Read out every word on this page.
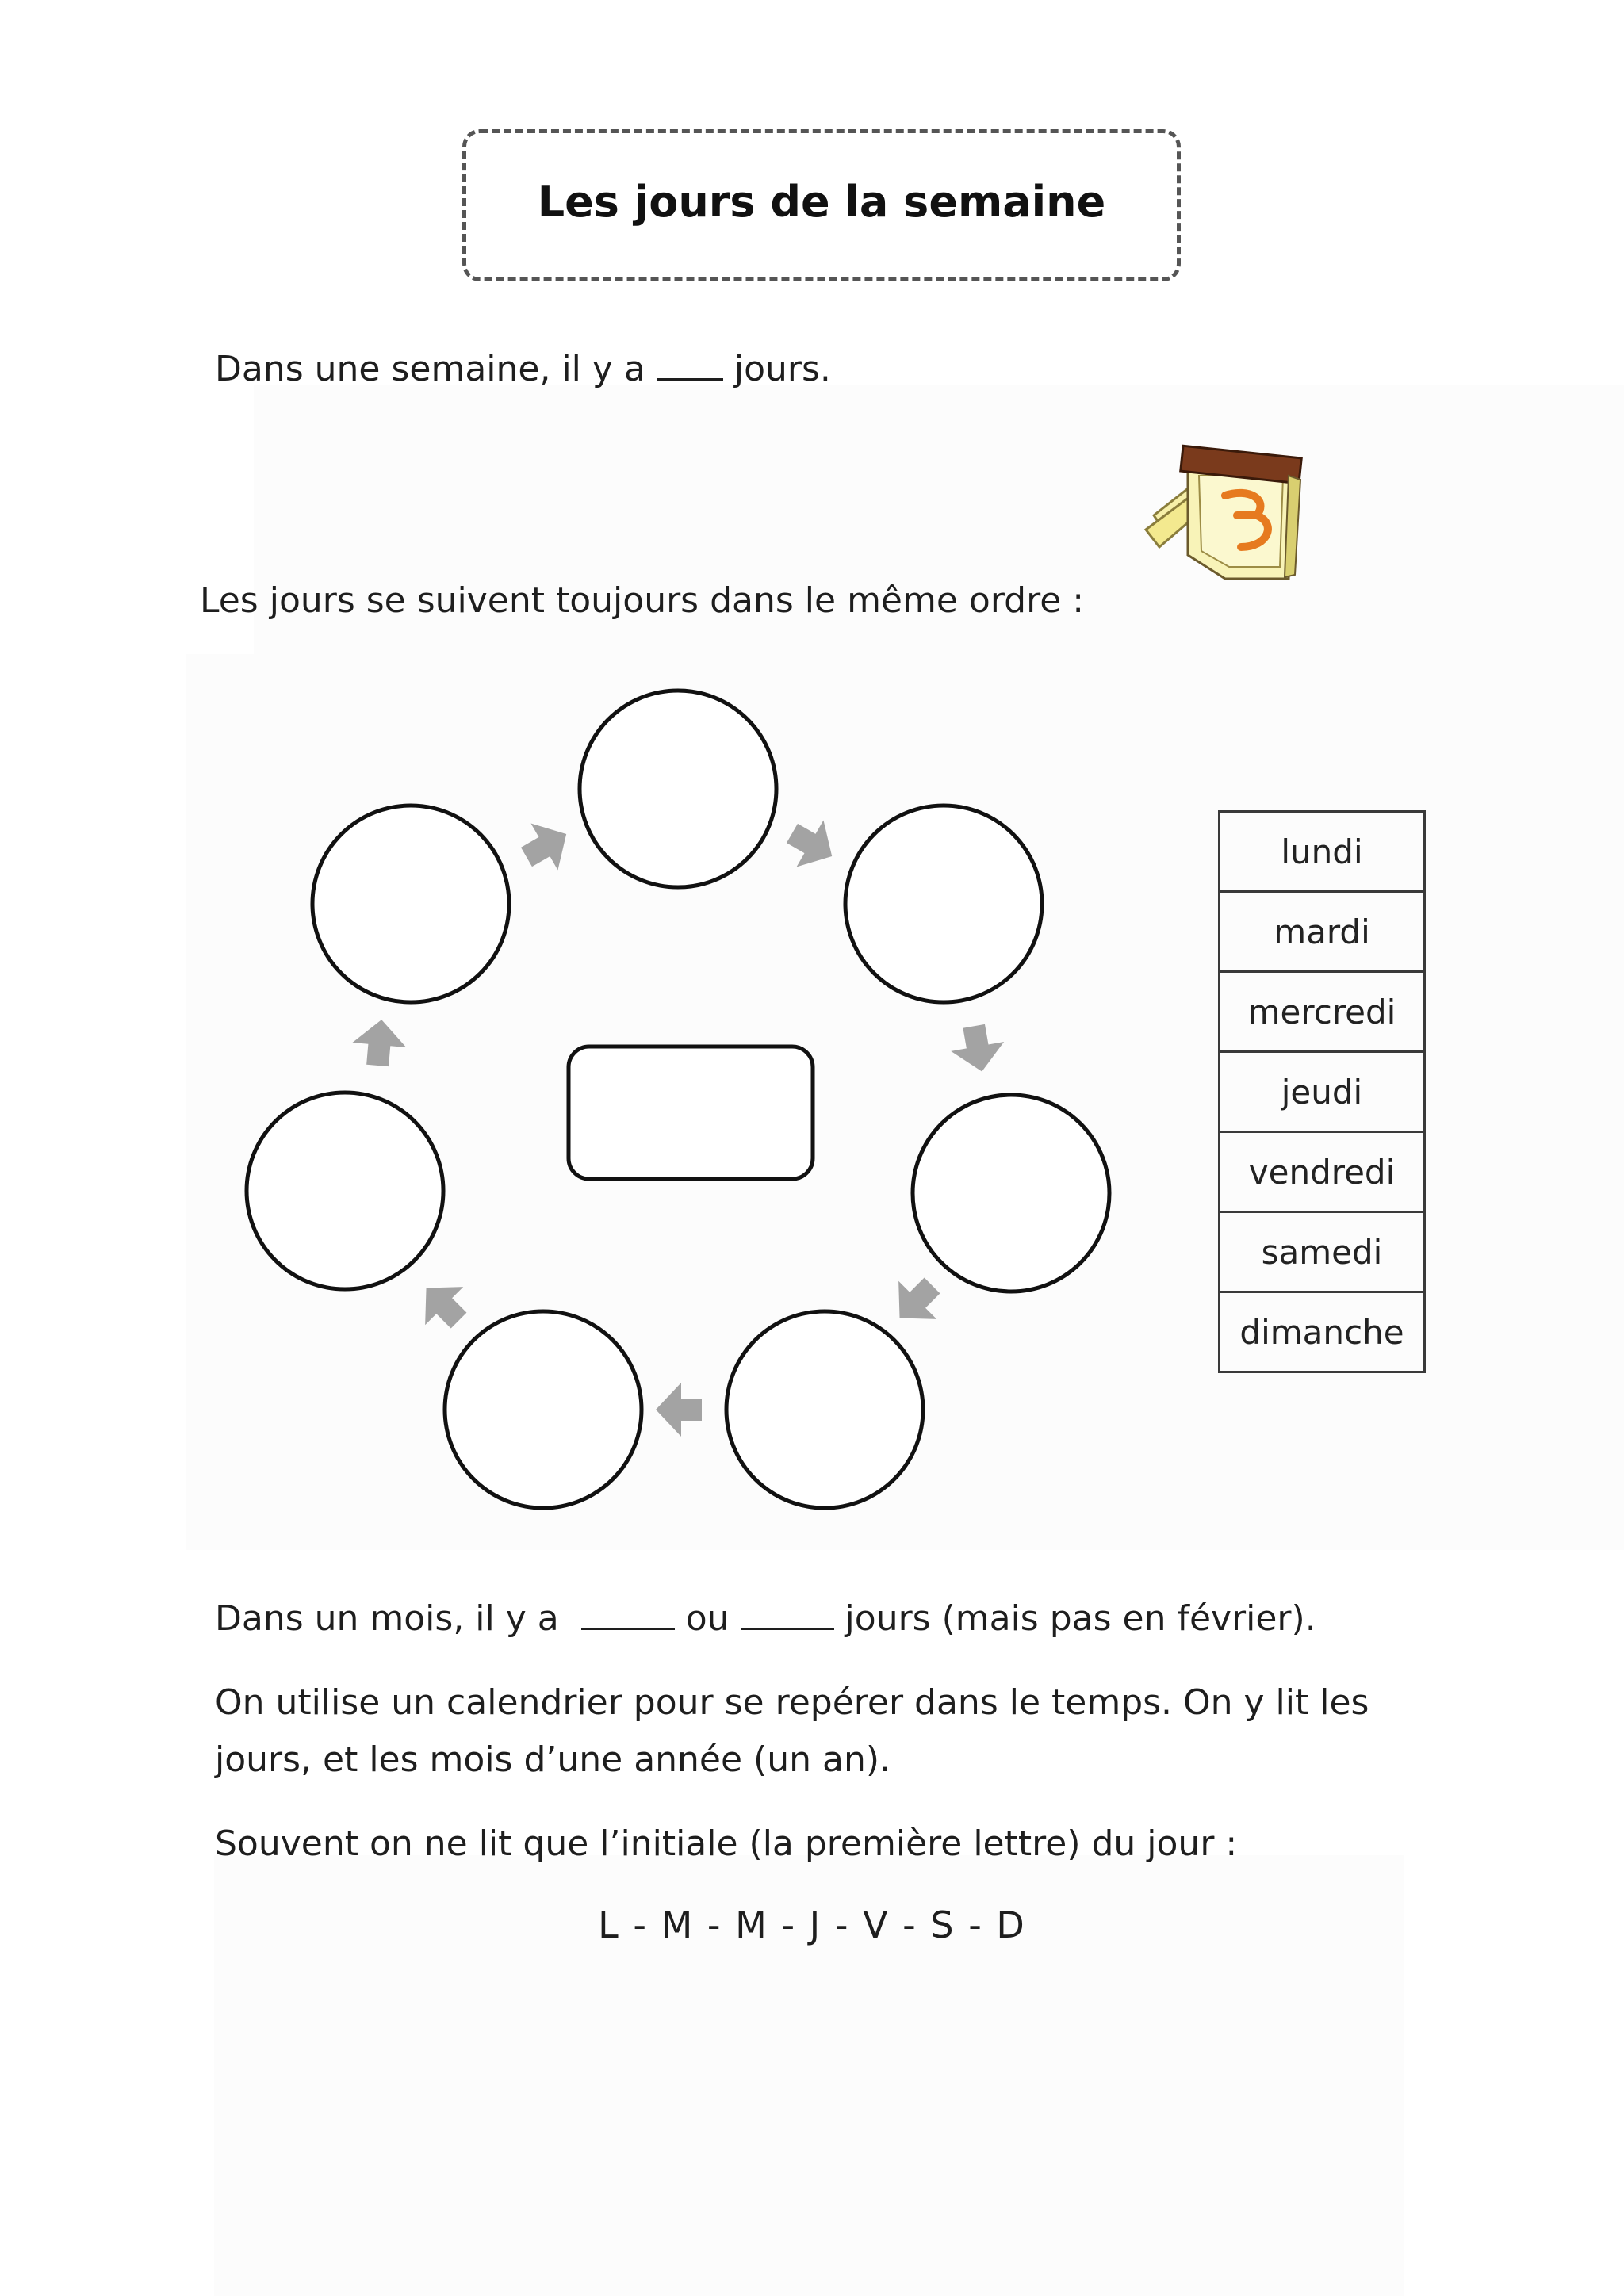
Les jours de la semaine
Dans une semaine, il y a	jours.
Les jours se suivent toujours dans le même ordre :
lundi
mardi
mercredi
jeudi
vendredi
samedi
dimanche
Dans un mois, il y a	ou	jours (mais pas en février).
On utilise un calendrier pour se repérer dans le temps. On y lit les
jours, et les mois d’une année (un an).
Souvent on ne lit que l’initiale (la première lettre) du jour :
L - M - M - J - V - S - D
